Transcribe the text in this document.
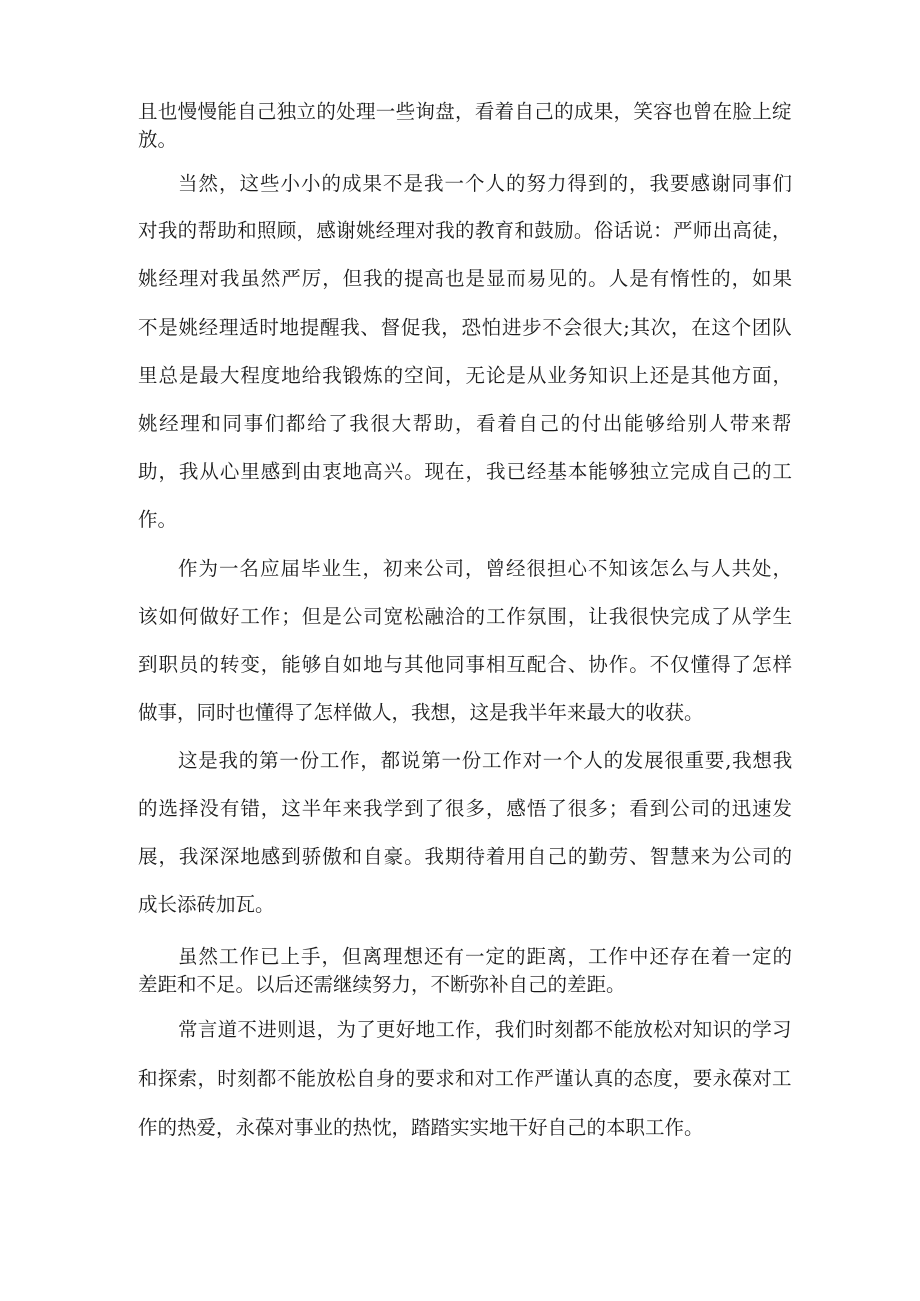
且也慢慢能自己独立的处理一些询盘，看着自己的成果，笑容也曾在脸上绽
放。
当然，这些小小的成果不是我一个人的努力得到的，我要感谢同事们
对我的帮助和照顾，感谢姚经理对我的教育和鼓励。俗话说：严师出高徒，
姚经理对我虽然严厉，但我的提高也是显而易见的。人是有惰性的，如果
不是姚经理适时地提醒我、督促我，恐怕进步不会很大;其次，在这个团队
里总是最大程度地给我锻炼的空间，无论是从业务知识上还是其他方面，
姚经理和同事们都给了我很大帮助，看着自己的付出能够给别人带来帮
助，我从心里感到由衷地高兴。现在，我已经基本能够独立完成自己的工
作。
作为一名应届毕业生，初来公司，曾经很担心不知该怎么与人共处，
该如何做好工作；但是公司宽松融洽的工作氛围，让我很快完成了从学生
到职员的转变，能够自如地与其他同事相互配合、协作。不仅懂得了怎样
做事，同时也懂得了怎样做人，我想，这是我半年来最大的收获。
这是我的第一份工作，都说第一份工作对一个人的发展很重要,我想我
的选择没有错，这半年来我学到了很多，感悟了很多；看到公司的迅速发
展，我深深地感到骄傲和自豪。我期待着用自己的勤劳、智慧来为公司的
成长添砖加瓦。
虽然工作已上手，但离理想还有一定的距离，工作中还存在着一定的
差距和不足。以后还需继续努力，不断弥补自己的差距。
常言道不进则退，为了更好地工作，我们时刻都不能放松对知识的学习
和探索，时刻都不能放松自身的要求和对工作严谨认真的态度，要永葆对工
作的热爱，永葆对事业的热忱，踏踏实实地干好自己的本职工作。
